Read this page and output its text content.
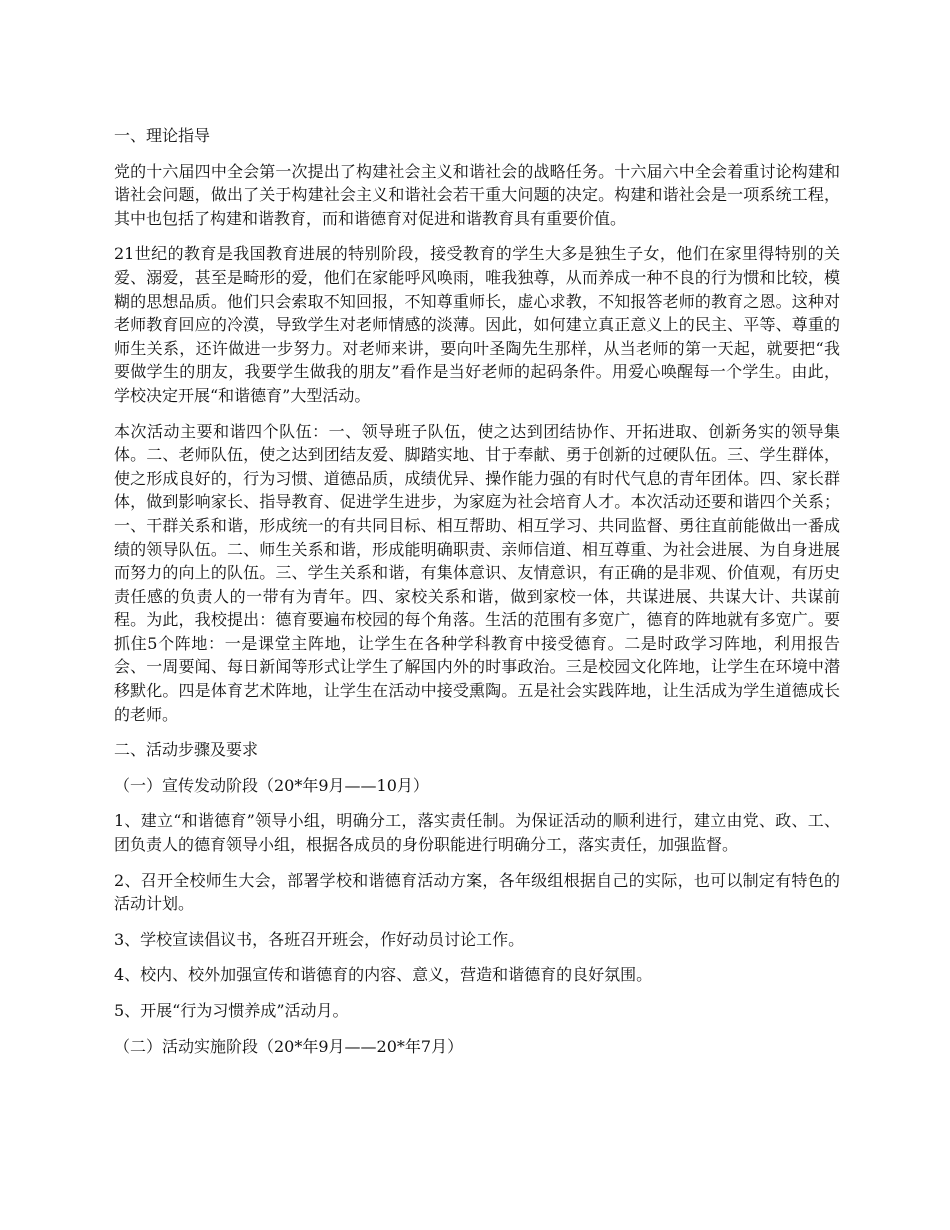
一、理论指导

党的十六届四中全会第一次提出了构建社会主义和谐社会的战略任务。十六届六中全会着重讨论构建和谐社会问题，做出了关于构建社会主义和谐社会若干重大问题的决定。构建和谐社会是一项系统工程，其中也包括了构建和谐教育，而和谐德育对促进和谐教育具有重要价值。

21世纪的教育是我国教育进展的特别阶段，接受教育的学生大多是独生子女，他们在家里得特别的关爱、溺爱，甚至是畸形的爱，他们在家能呼风唤雨，唯我独尊，从而养成一种不良的行为惯和比较，模糊的思想品质。他们只会索取不知回报，不知尊重师长，虚心求教，不知报答老师的教育之恩。这种对老师教育回应的冷漠，导致学生对老师情感的淡薄。因此，如何建立真正意义上的民主、平等、尊重的师生关系，还许做进一步努力。对老师来讲，要向叶圣陶先生那样，从当老师的第一天起，就要把“我要做学生的朋友，我要学生做我的朋友”看作是当好老师的起码条件。用爱心唤醒每一个学生。由此，学校决定开展“和谐德育”大型活动。

本次活动主要和谐四个队伍：一、领导班子队伍，使之达到团结协作、开拓进取、创新务实的领导集体。二、老师队伍，使之达到团结友爱、脚踏实地、甘于奉献、勇于创新的过硬队伍。三、学生群体，使之形成良好的，行为习惯、道德品质，成绩优异、操作能力强的有时代气息的青年团体。四、家长群体，做到影响家长、指导教育、促进学生进步，为家庭为社会培育人才。本次活动还要和谐四个关系；一、干群关系和谐，形成统一的有共同目标、相互帮助、相互学习、共同监督、勇往直前能做出一番成绩的领导队伍。二、师生关系和谐，形成能明确职责、亲师信道、相互尊重、为社会进展、为自身进展而努力的向上的队伍。三、学生关系和谐，有集体意识、友情意识，有正确的是非观、价值观，有历史责任感的负责人的一带有为青年。四、家校关系和谐，做到家校一体，共谋进展、共谋大计、共谋前程。为此，我校提出：德育要遍布校园的每个角落。生活的范围有多宽广，德育的阵地就有多宽广。要抓住5个阵地：一是课堂主阵地，让学生在各种学科教育中接受德育。二是时政学习阵地，利用报告会、一周要闻、每日新闻等形式让学生了解国内外的时事政治。三是校园文化阵地，让学生在环境中潜移默化。四是体育艺术阵地，让学生在活动中接受熏陶。五是社会实践阵地，让生活成为学生道德成长的老师。

二、活动步骤及要求

（一）宣传发动阶段（20*年9月——10月）

1、建立“和谐德育”领导小组，明确分工，落实责任制。为保证活动的顺利进行，建立由党、政、工、团负责人的德育领导小组，根据各成员的身份职能进行明确分工，落实责任，加强监督。

2、召开全校师生大会，部署学校和谐德育活动方案，各年级组根据自己的实际，也可以制定有特色的活动计划。

3、学校宣读倡议书，各班召开班会，作好动员讨论工作。

4、校内、校外加强宣传和谐德育的内容、意义，营造和谐德育的良好氛围。

5、开展“行为习惯养成”活动月。

（二）活动实施阶段（20*年9月——20*年7月）
